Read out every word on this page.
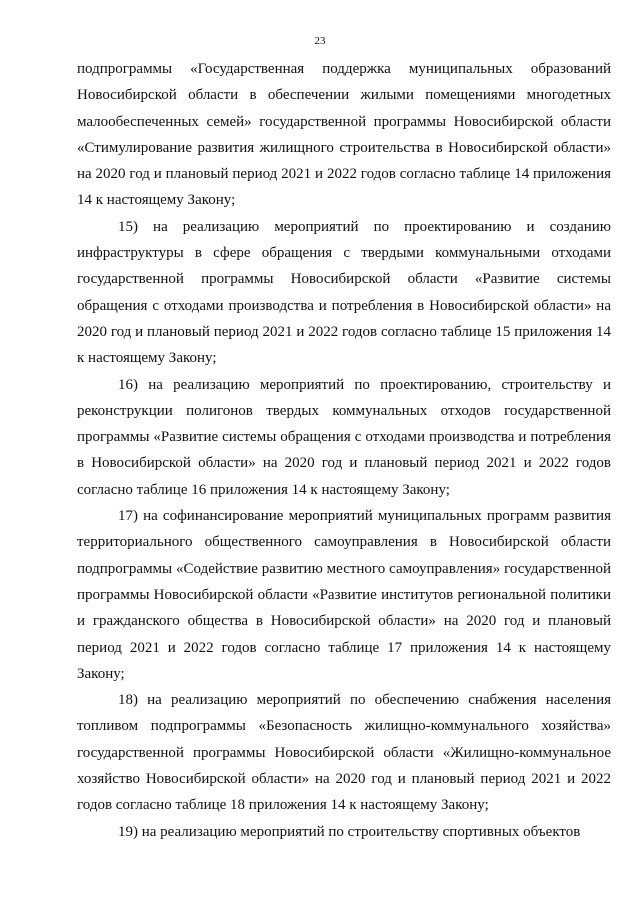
23

подпрограммы «Государственная поддержка муниципальных образований Новосибирской области в обеспечении жилыми помещениями многодетных малообеспеченных семей» государственной программы Новосибирской области «Стимулирование развития жилищного строительства в Новосибирской области» на 2020 год и плановый период 2021 и 2022 годов согласно таблице 14 приложения 14 к настоящему Закону;

15) на реализацию мероприятий по проектированию и созданию инфраструктуры в сфере обращения с твердыми коммунальными отходами государственной программы Новосибирской области «Развитие системы обращения с отходами производства и потребления в Новосибирской области» на 2020 год и плановый период 2021 и 2022 годов согласно таблице 15 приложения 14 к настоящему Закону;

16) на реализацию мероприятий по проектированию, строительству и реконструкции полигонов твердых коммунальных отходов государственной программы «Развитие системы обращения с отходами производства и потребления в Новосибирской области» на 2020 год и плановый период 2021 и 2022 годов согласно таблице 16 приложения 14 к настоящему Закону;

17) на софинансирование мероприятий муниципальных программ развития территориального общественного самоуправления в Новосибирской области подпрограммы «Содействие развитию местного самоуправления» государственной программы Новосибирской области «Развитие институтов региональной политики и гражданского общества в Новосибирской области» на 2020 год и плановый период 2021 и 2022 годов согласно таблице 17 приложения 14 к настоящему Закону;

18) на реализацию мероприятий по обеспечению снабжения населения топливом подпрограммы «Безопасность жилищно-коммунального хозяйства» государственной программы Новосибирской области «Жилищно-коммунальное хозяйство Новосибирской области» на 2020 год и плановый период 2021 и 2022 годов согласно таблице 18 приложения 14 к настоящему Закону;

19) на реализацию мероприятий по строительству спортивных объектов
